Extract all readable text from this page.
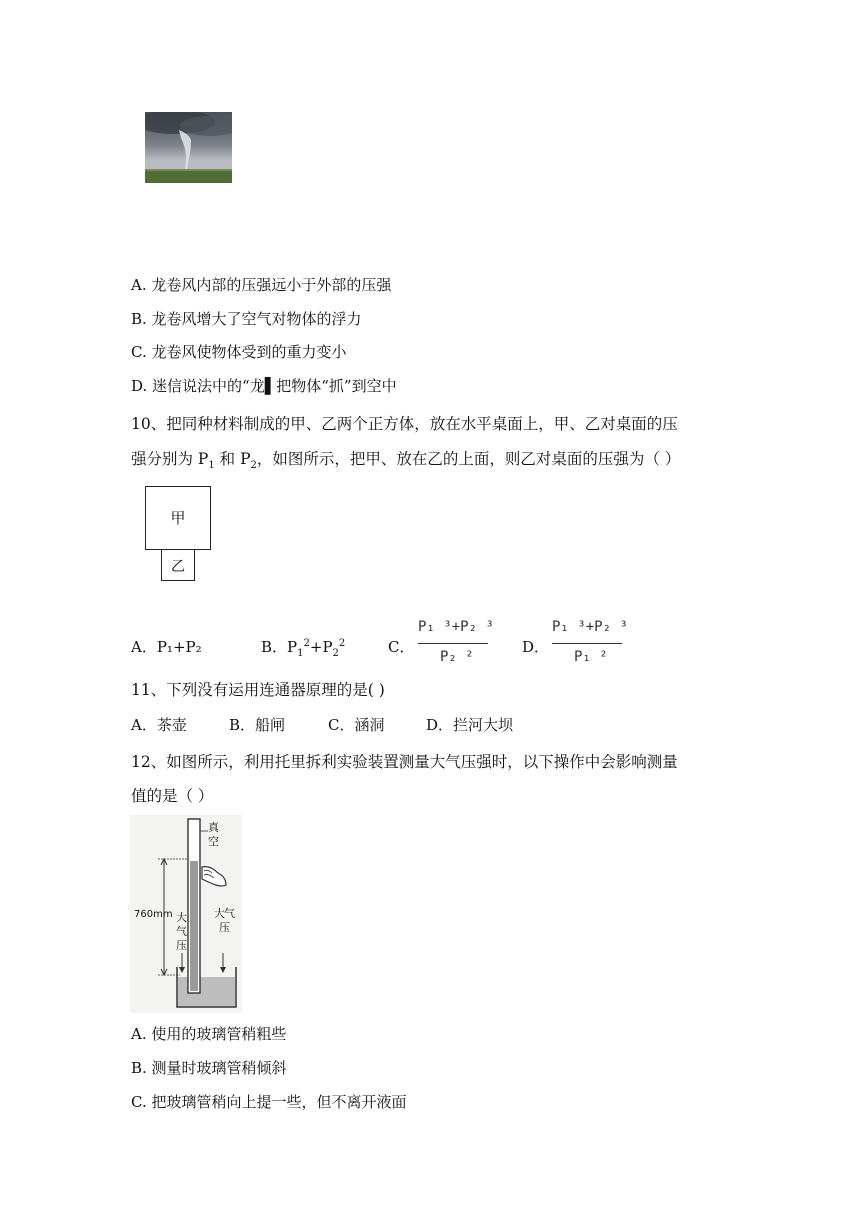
A. 龙卷风内部的压强远小于外部的压强
B. 龙卷风增大了空气对物体的浮力
C. 龙卷风使物体受到的重力变小
D. 迷信说法中的“龙▌把物体“抓”到空中
10、把同种材料制成的甲、乙两个正方体，放在水平桌面上，甲、乙对桌面的压
强分别为 $P_1$ 和 $P_2$，如图所示，把甲、放在乙的上面，则乙对桌面的压强为（ ）
甲
乙
A．P₁+P₂	B．$P_1^2+P_2^2$	C．	D．
P₁ ³+P₂ ³
P₂ ²
P₁ ³+P₂ ³
P₁ ²
11、下列没有运用连通器原理的是( )
A．茶壶	B．船闸	C．涵洞	D．拦河大坝
12、如图所示，利用托里拆利实验装置测量大气压强时，以下操作中会影响测量
值的是（ ）
真空
760mm 大气压
大气压
A. 使用的玻璃管稍粗些
B. 测量时玻璃管稍倾斜
C. 把玻璃管稍向上提一些，但不离开液面
